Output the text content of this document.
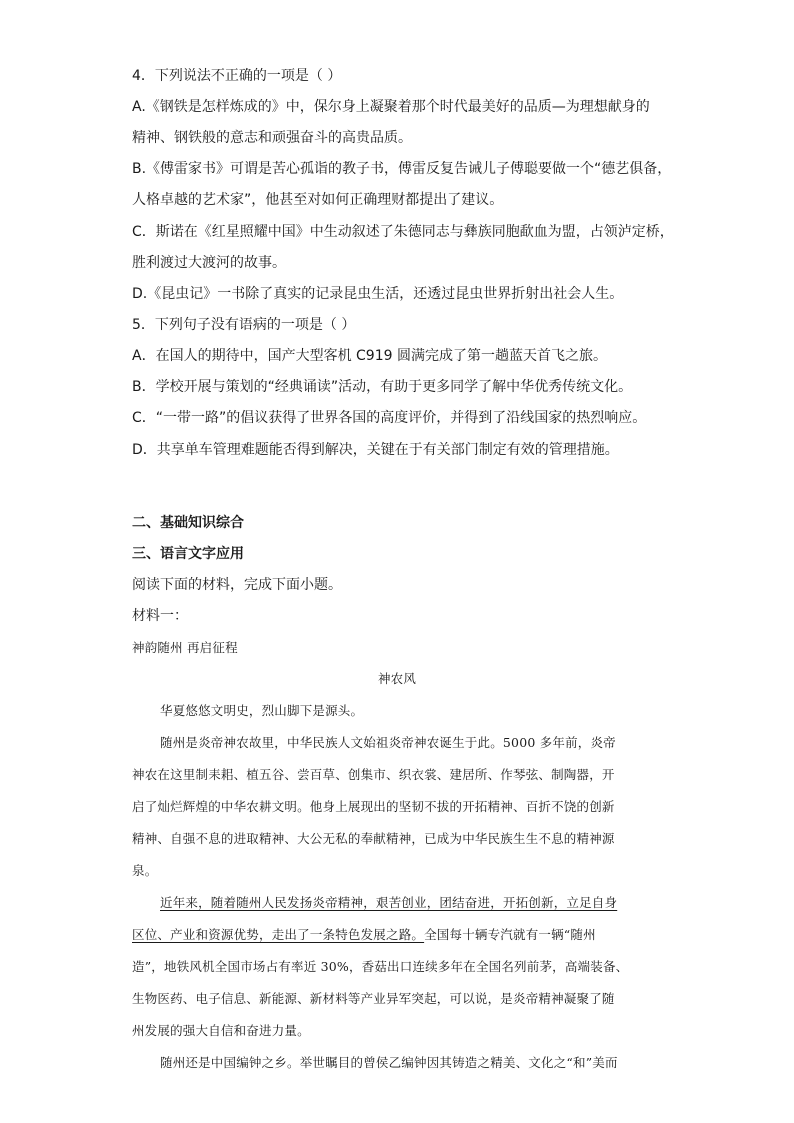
4．下列说法不正确的一项是（ ）
A.《钢铁是怎样炼成的》中，保尔身上凝聚着那个时代最美好的品质—为理想献身的
精神、钢铁般的意志和顽强奋斗的高贵品质。
B.《傅雷家书》可谓是苦心孤诣的教子书，傅雷反复告诫儿子傅聪要做一个“德艺俱备，
人格卓越的艺术家”，他甚至对如何正确理财都提出了建议。
C．斯诺在《红星照耀中国》中生动叙述了朱德同志与彝族同胞歃血为盟，占领泸定桥，
胜利渡过大渡河的故事。
D.《昆虫记》一书除了真实的记录昆虫生活，还透过昆虫世界折射出社会人生。
5．下列句子没有语病的一项是（ ）
A．在国人的期待中，国产大型客机 C919 圆满完成了第一趟蓝天首飞之旅。
B．学校开展与策划的“经典诵读”活动，有助于更多同学了解中华优秀传统文化。
C．“一带一路”的倡议获得了世界各国的高度评价，并得到了沿线国家的热烈响应。
D．共享单车管理难题能否得到解决，关键在于有关部门制定有效的管理措施。
二、基础知识综合
三、语言文字应用
阅读下面的材料，完成下面小题。
材料一：
神韵随州 再启征程
神农风
华夏悠悠文明史，烈山脚下是源头。
随州是炎帝神农故里，中华民族人文始祖炎帝神农诞生于此。5000 多年前，炎帝
神农在这里制耒耜、植五谷、尝百草、创集市、织衣裳、建居所、作琴弦、制陶器，开
启了灿烂辉煌的中华农耕文明。他身上展现出的坚韧不拔的开拓精神、百折不饶的创新
精神、自强不息的进取精神、大公无私的奉献精神，已成为中华民族生生不息的精神源
泉。
近年来，随着随州人民发扬炎帝精神，艰苦创业，团结奋进，开拓创新，立足自身
区位、产业和资源优势，走出了一条特色发展之路。全国每十辆专汽就有一辆“随州
造”，地铁风机全国市场占有率近 30%，香菇出口连续多年在全国名列前茅，高端装备、
生物医药、电子信息、新能源、新材料等产业异军突起，可以说，是炎帝精神凝聚了随
州发展的强大自信和奋进力量。
随州还是中国编钟之乡。举世瞩目的曾侯乙编钟因其铸造之精美、文化之“和”美而
